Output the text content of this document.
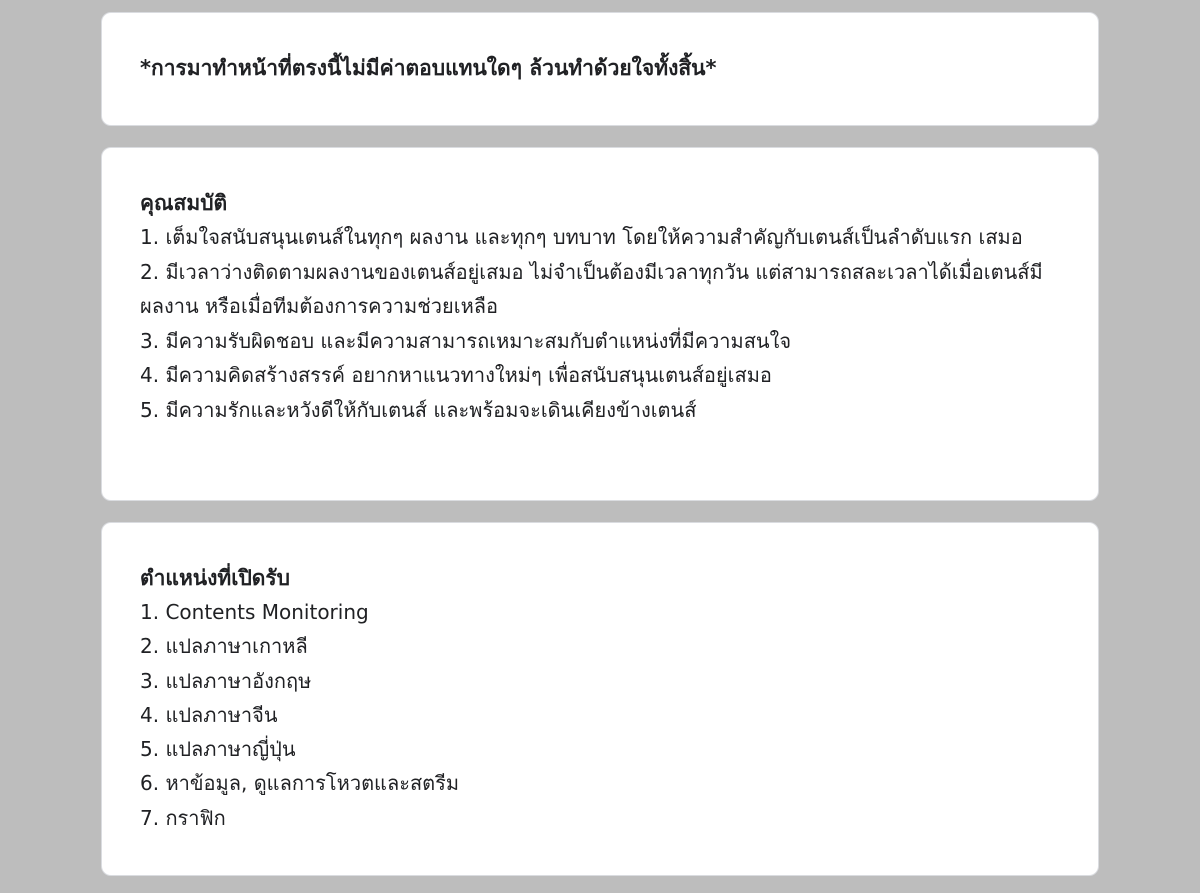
*การมาทำหน้าที่ตรงนี้ไม่มีค่าตอบแทนใดๆ ล้วนทำด้วยใจทั้งสิ้น*
คุณสมบัติ
1. เต็มใจสนับสนุนเตนส์ในทุกๆ ผลงาน และทุกๆ บทบาท โดยให้ความสำคัญกับเตนส์เป็นลำดับแรก เสมอ
2. มีเวลาว่างติดตามผลงานของเตนส์อยู่เสมอ ไม่จำเป็นต้องมีเวลาทุกวัน แต่สามารถสละเวลาได้เมื่อเตนส์มีผลงาน หรือเมื่อทีมต้องการความช่วยเหลือ
3. มีความรับผิดชอบ และมีความสามารถเหมาะสมกับตำแหน่งที่มีความสนใจ
4. มีความคิดสร้างสรรค์ อยากหาแนวทางใหม่ๆ เพื่อสนับสนุนเตนส์อยู่เสมอ
5. มีความรักและหวังดีให้กับเตนส์ และพร้อมจะเดินเคียงข้างเตนส์
ตำแหน่งที่เปิดรับ
1. Contents Monitoring
2. แปลภาษาเกาหลี
3. แปลภาษาอังกฤษ
4. แปลภาษาจีน
5. แปลภาษาญี่ปุ่น
6. หาข้อมูล, ดูแลการโหวตและสตรีม
7. กราฟิก
